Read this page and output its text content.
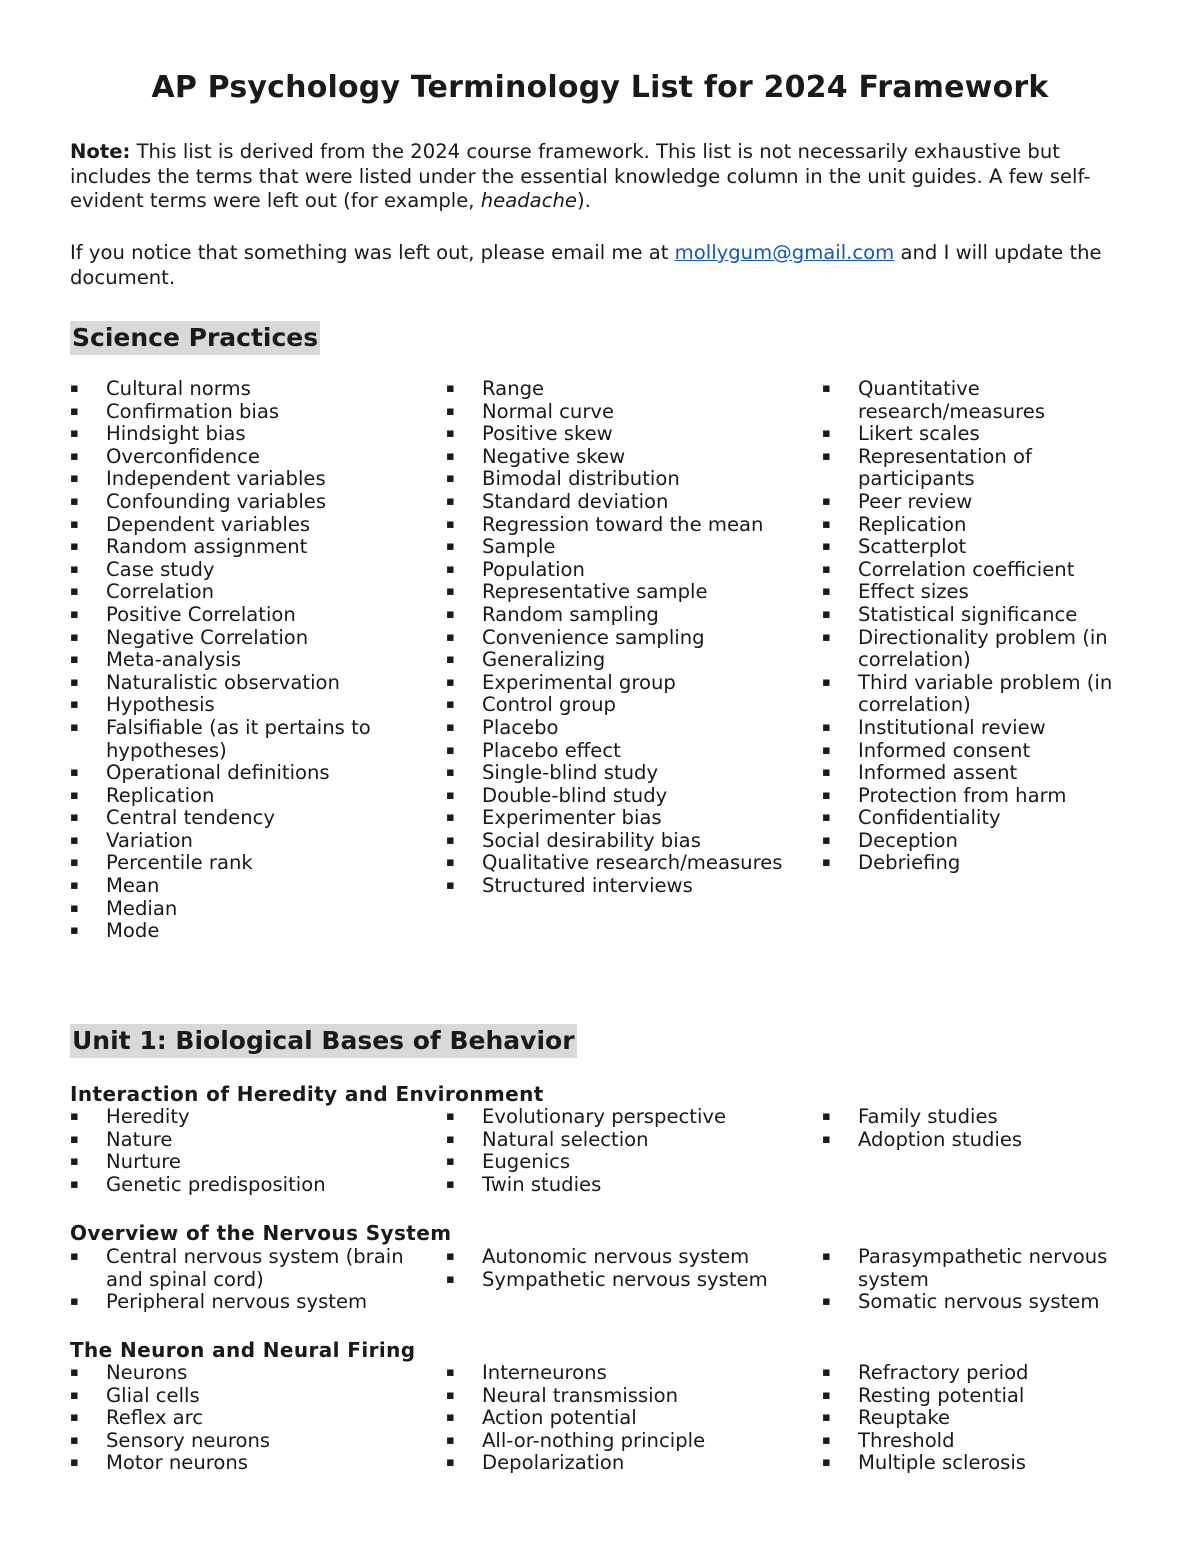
AP Psychology Terminology List for 2024 Framework
Note: This list is derived from the 2024 course framework. This list is not necessarily exhaustive but includes the terms that were listed under the essential knowledge column in the unit guides. A few self-evident terms were left out (for example, headache).
If you notice that something was left out, please email me at mollygum@gmail.com and I will update the document.
Science Practices
▪ Cultural norms
▪ Confirmation bias
▪ Hindsight bias
▪ Overconfidence
▪ Independent variables
▪ Confounding variables
▪ Dependent variables
▪ Random assignment
▪ Case study
▪ Correlation
▪ Positive Correlation
▪ Negative Correlation
▪ Meta-analysis
▪ Naturalistic observation
▪ Hypothesis
▪ Falsifiable (as it pertains to hypotheses)
▪ Operational definitions
▪ Replication
▪ Central tendency
▪ Variation
▪ Percentile rank
▪ Mean
▪ Median
▪ Mode
▪ Range
▪ Normal curve
▪ Positive skew
▪ Negative skew
▪ Bimodal distribution
▪ Standard deviation
▪ Regression toward the mean
▪ Sample
▪ Population
▪ Representative sample
▪ Random sampling
▪ Convenience sampling
▪ Generalizing
▪ Experimental group
▪ Control group
▪ Placebo
▪ Placebo effect
▪ Single-blind study
▪ Double-blind study
▪ Experimenter bias
▪ Social desirability bias
▪ Qualitative research/measures
▪ Structured interviews
▪ Quantitative research/measures
▪ Likert scales
▪ Representation of participants
▪ Peer review
▪ Replication
▪ Scatterplot
▪ Correlation coefficient
▪ Effect sizes
▪ Statistical significance
▪ Directionality problem (in correlation)
▪ Third variable problem (in correlation)
▪ Institutional review
▪ Informed consent
▪ Informed assent
▪ Protection from harm
▪ Confidentiality
▪ Deception
▪ Debriefing
Unit 1: Biological Bases of Behavior
Interaction of Heredity and Environment
▪ Heredity
▪ Nature
▪ Nurture
▪ Genetic predisposition
▪ Evolutionary perspective
▪ Natural selection
▪ Eugenics
▪ Twin studies
▪ Family studies
▪ Adoption studies
Overview of the Nervous System
▪ Central nervous system (brain and spinal cord)
▪ Peripheral nervous system
▪ Autonomic nervous system
▪ Sympathetic nervous system
▪ Parasympathetic nervous system
▪ Somatic nervous system
The Neuron and Neural Firing
▪ Neurons
▪ Glial cells
▪ Reflex arc
▪ Sensory neurons
▪ Motor neurons
▪ Interneurons
▪ Neural transmission
▪ Action potential
▪ All-or-nothing principle
▪ Depolarization
▪ Refractory period
▪ Resting potential
▪ Reuptake
▪ Threshold
▪ Multiple sclerosis
